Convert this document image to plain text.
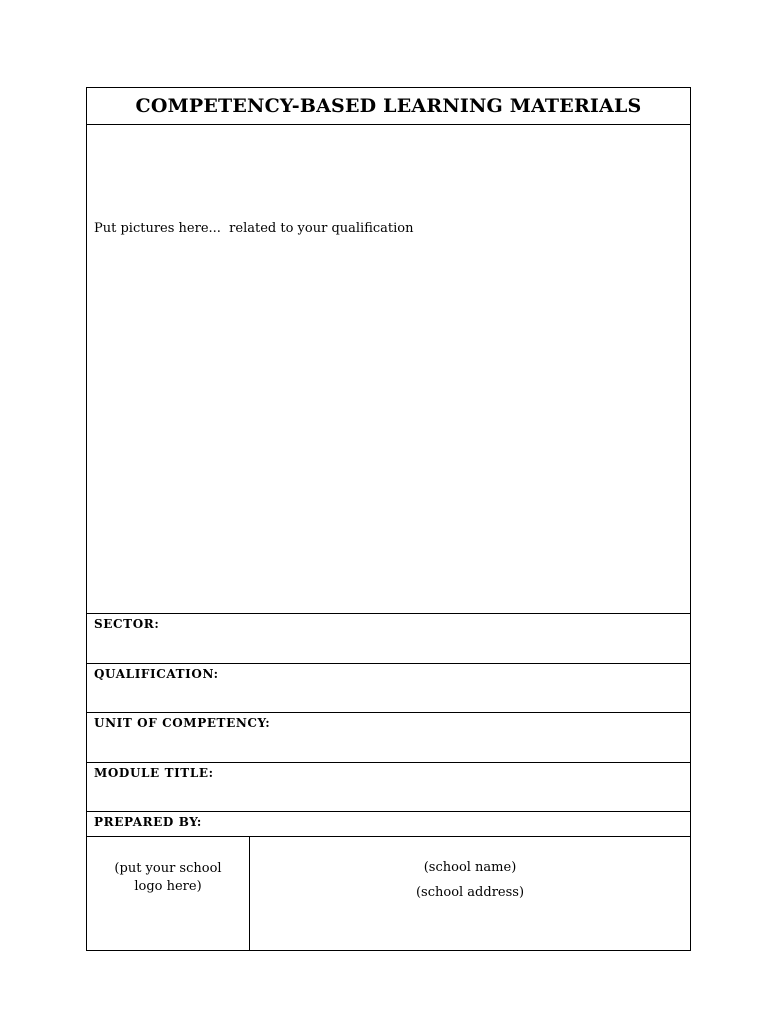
COMPETENCY-BASED LEARNING MATERIALS
Put pictures here...  related to your qualification
SECTOR:
QUALIFICATION:
UNIT OF COMPETENCY:
MODULE TITLE:
PREPARED BY:
(put your school
logo here)
(school name)
(school address)
